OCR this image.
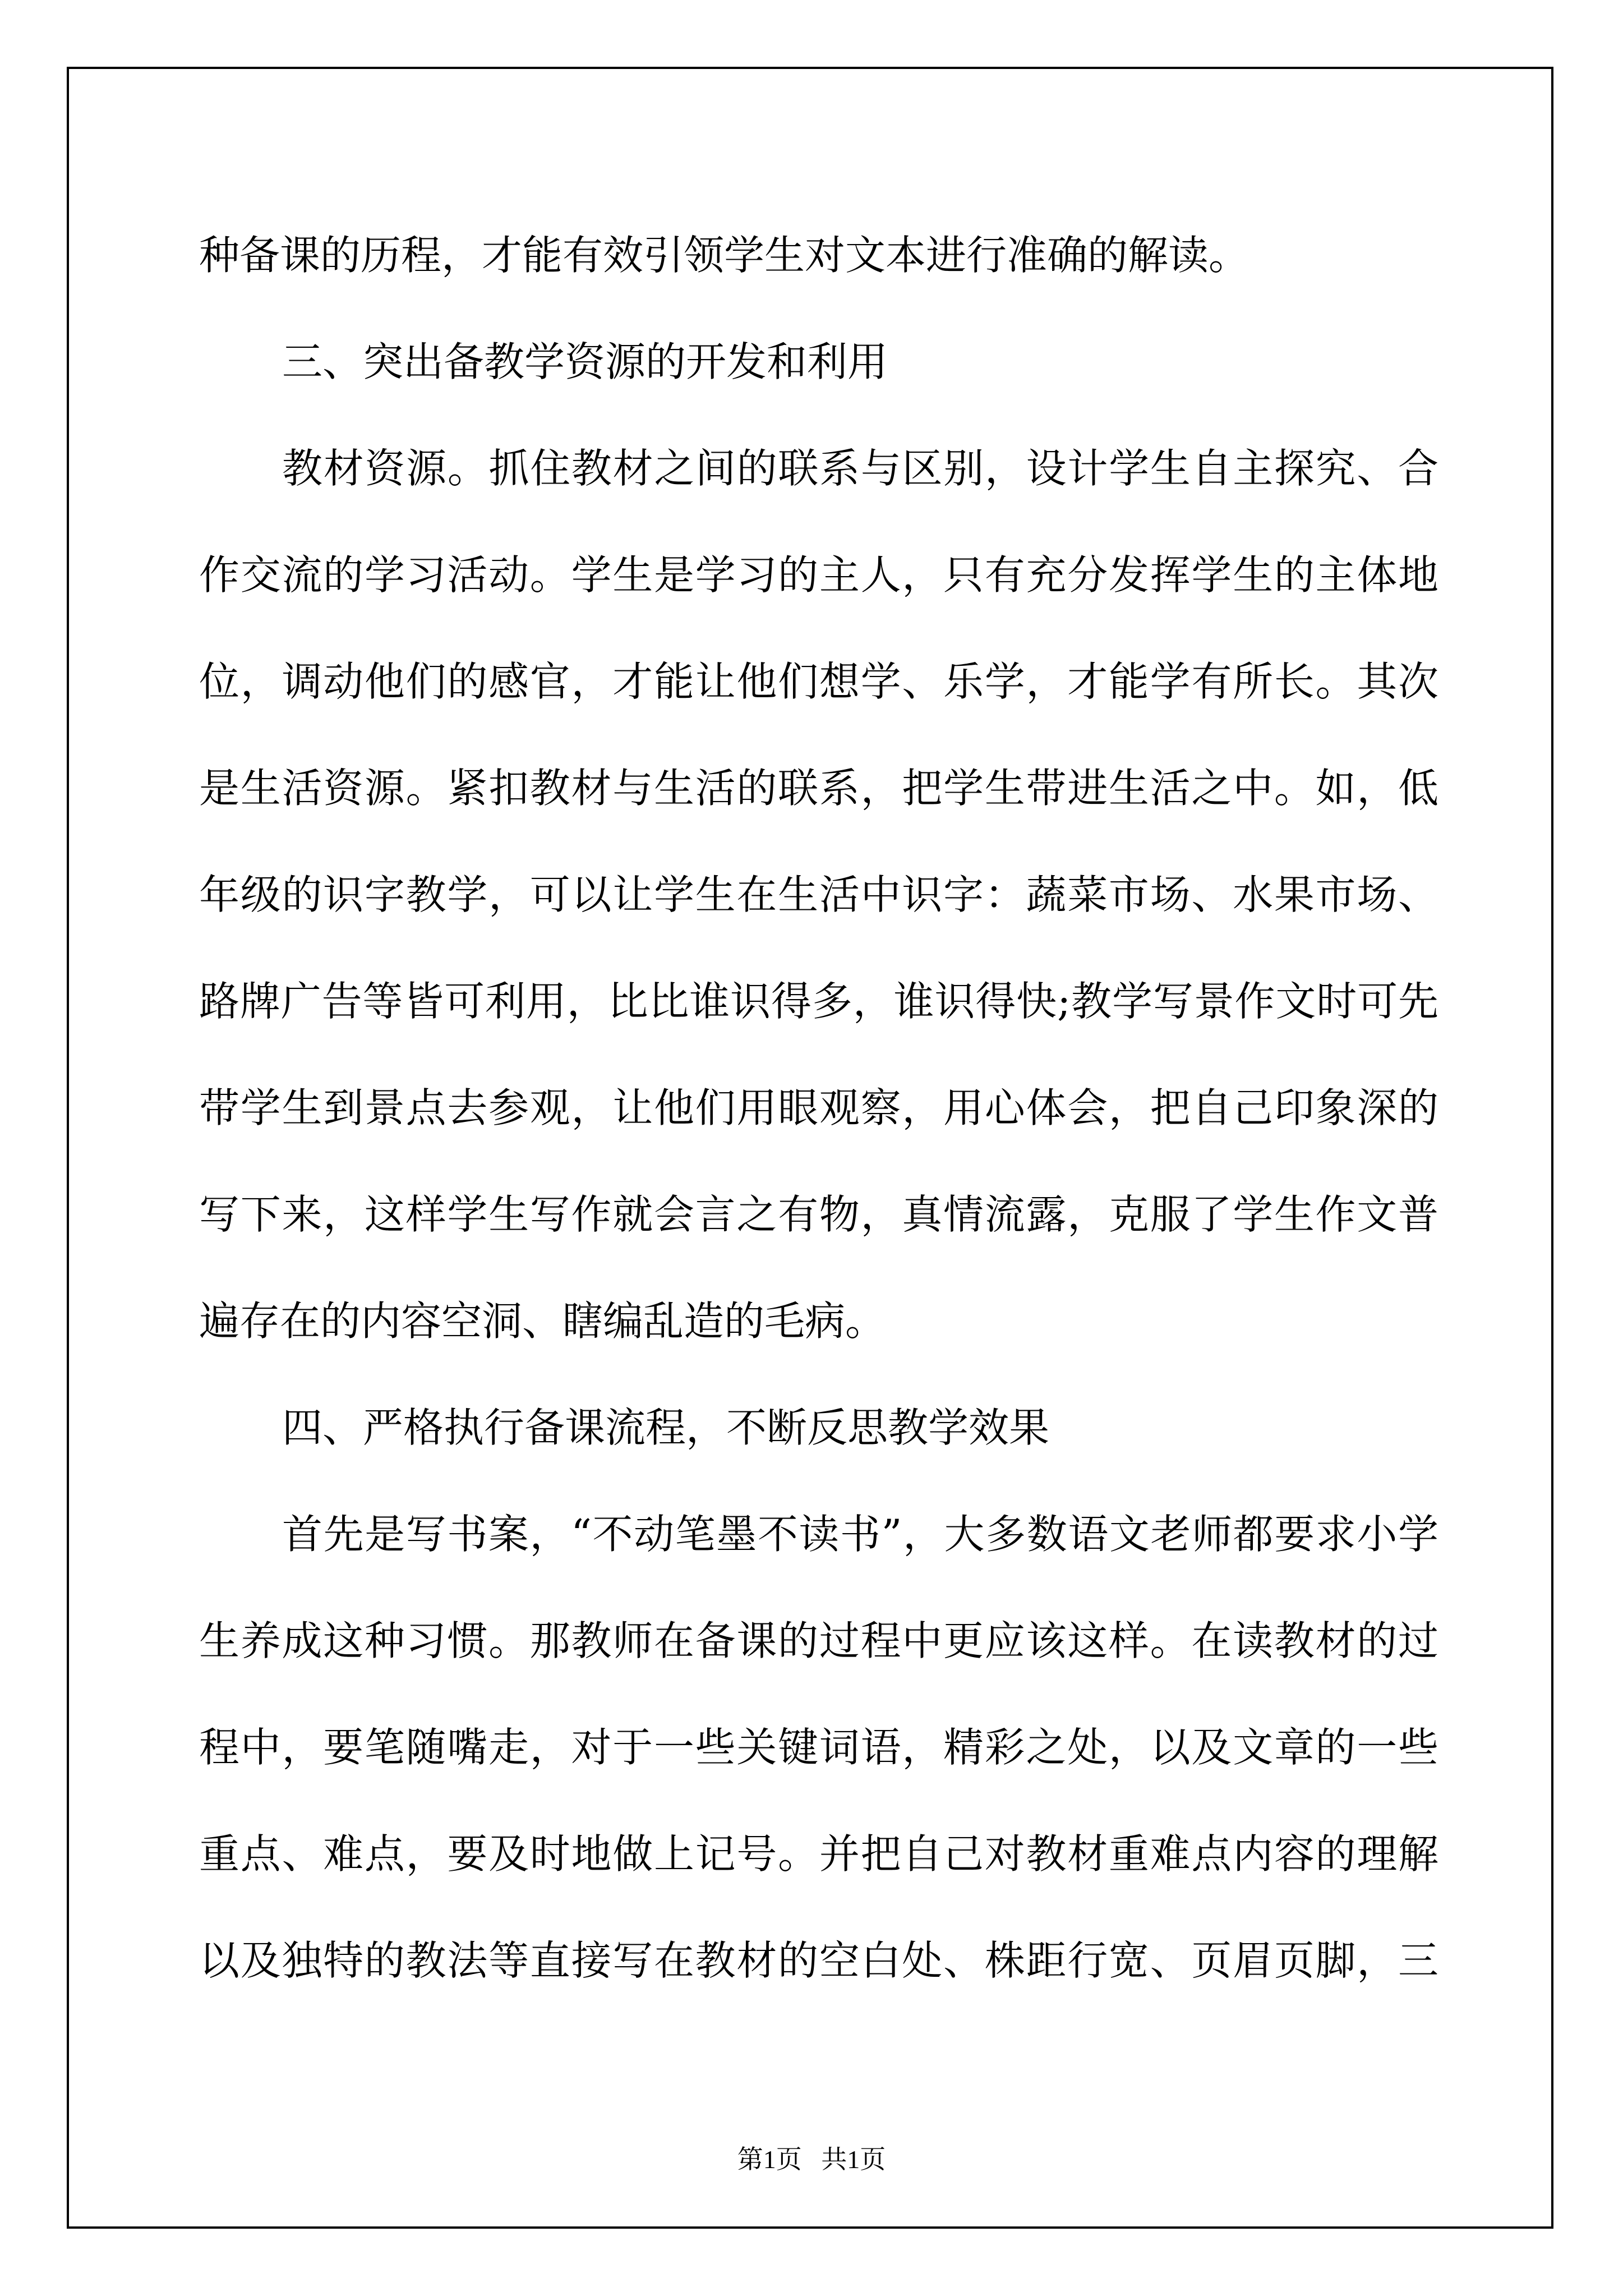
种备课的历程，才能有效引领学生对文本进行准确的解读。
三、突出备教学资源的开发和利用
教材资源。抓住教材之间的联系与区别，设计学生自主探究、合
作交流的学习活动。学生是学习的主人，只有充分发挥学生的主体地
位，调动他们的感官，才能让他们想学、乐学，才能学有所长。其次
是生活资源。紧扣教材与生活的联系，把学生带进生活之中。如，低
年级的识字教学，可以让学生在生活中识字：蔬菜市场、水果市场、
路牌广告等皆可利用，比比谁识得多，谁识得快;教学写景作文时可先
带学生到景点去参观，让他们用眼观察，用心体会，把自己印象深的
写下来，这样学生写作就会言之有物，真情流露，克服了学生作文普
遍存在的内容空洞、瞎编乱造的毛病。
四、严格执行备课流程，不断反思教学效果
首先是写书案，“不动笔墨不读书”，大多数语文老师都要求小学
生养成这种习惯。那教师在备课的过程中更应该这样。在读教材的过
程中，要笔随嘴走，对于一些关键词语，精彩之处，以及文章的一些
重点、难点，要及时地做上记号。并把自己对教材重难点内容的理解
以及独特的教法等直接写在教材的空白处、株距行宽、页眉页脚，三
第1页 共1页
